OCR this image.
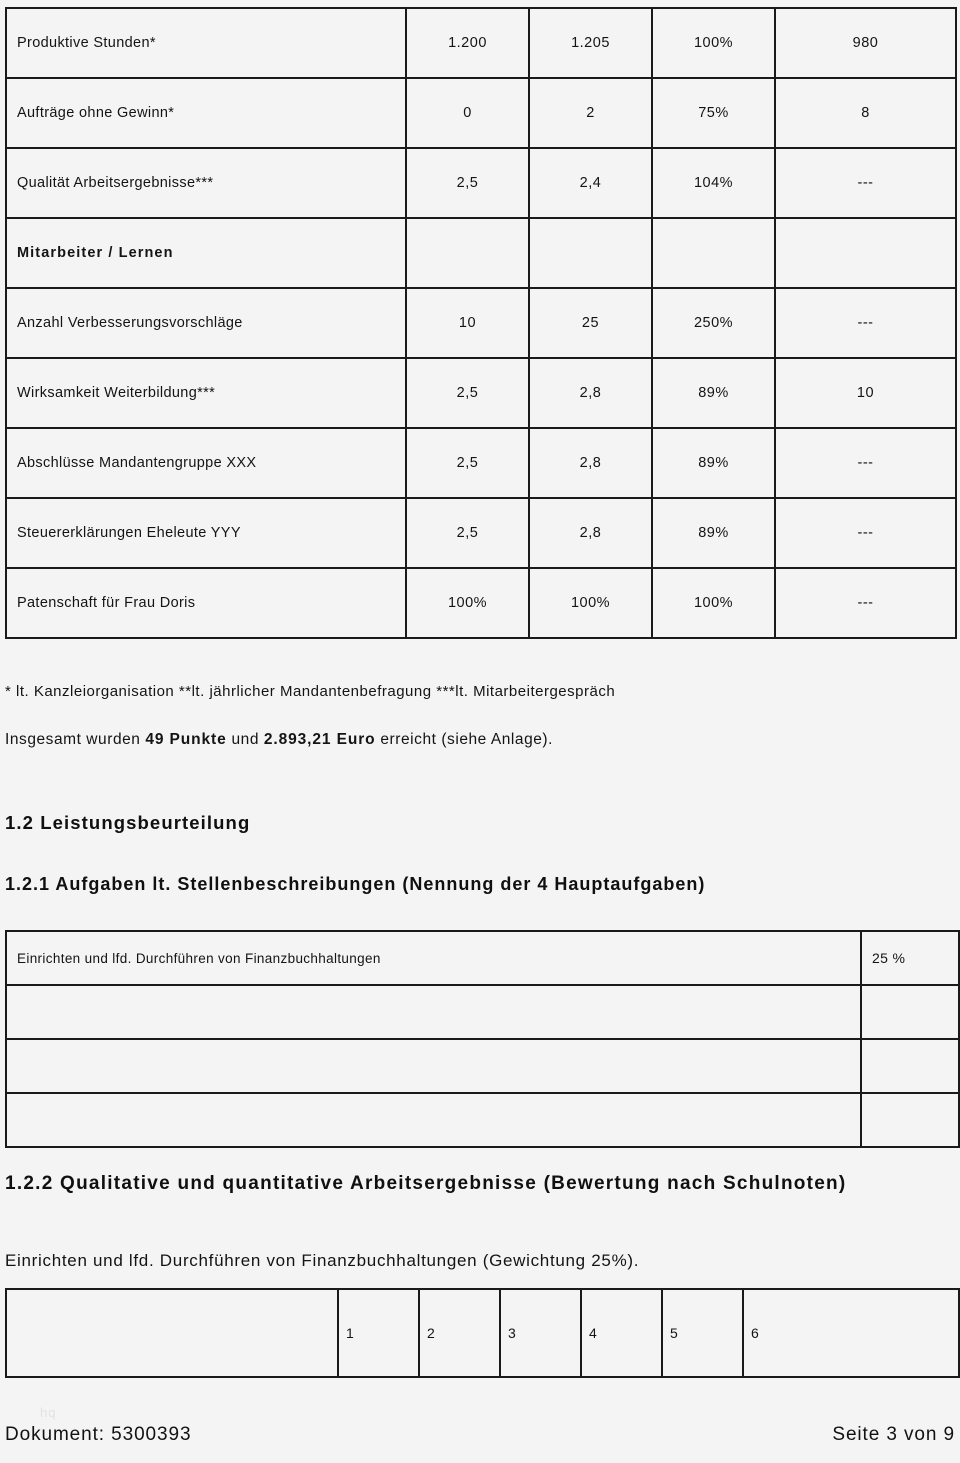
Produktive Stunden*	1.200	1.205	100%	980
Aufträge ohne Gewinn*	0	2	75%	8
Qualität Arbeitsergebnisse***	2,5	2,4	104%	---
Mitarbeiter / Lernen				
Anzahl Verbesserungsvorschläge	10	25	250%	---
Wirksamkeit Weiterbildung***	2,5	2,8	89%	10
Abschlüsse Mandantengruppe XXX	2,5	2,8	89%	---
Steuererklärungen Eheleute YYY	2,5	2,8	89%	---
Patenschaft für Frau Doris	100%	100%	100%	---
* lt. Kanzleiorganisation **lt. jährlicher Mandantenbefragung ***lt. Mitarbeitergespräch
Insgesamt wurden 49 Punkte und 2.893,21 Euro erreicht (siehe Anlage).
1.2 Leistungsbeurteilung
1.2.1 Aufgaben lt. Stellenbeschreibungen (Nennung der 4 Hauptaufgaben)
Einrichten und lfd. Durchführen von Finanzbuchhaltungen	25 %

1.2.2 Qualitative und quantitative Arbeitsergebnisse (Bewertung nach Schulnoten)
Einrichten und lfd. Durchführen von Finanzbuchhaltungen (Gewichtung 25%).
	1	2	3	4	5	6
hq
Dokument: 5300393	Seite 3 von 9
